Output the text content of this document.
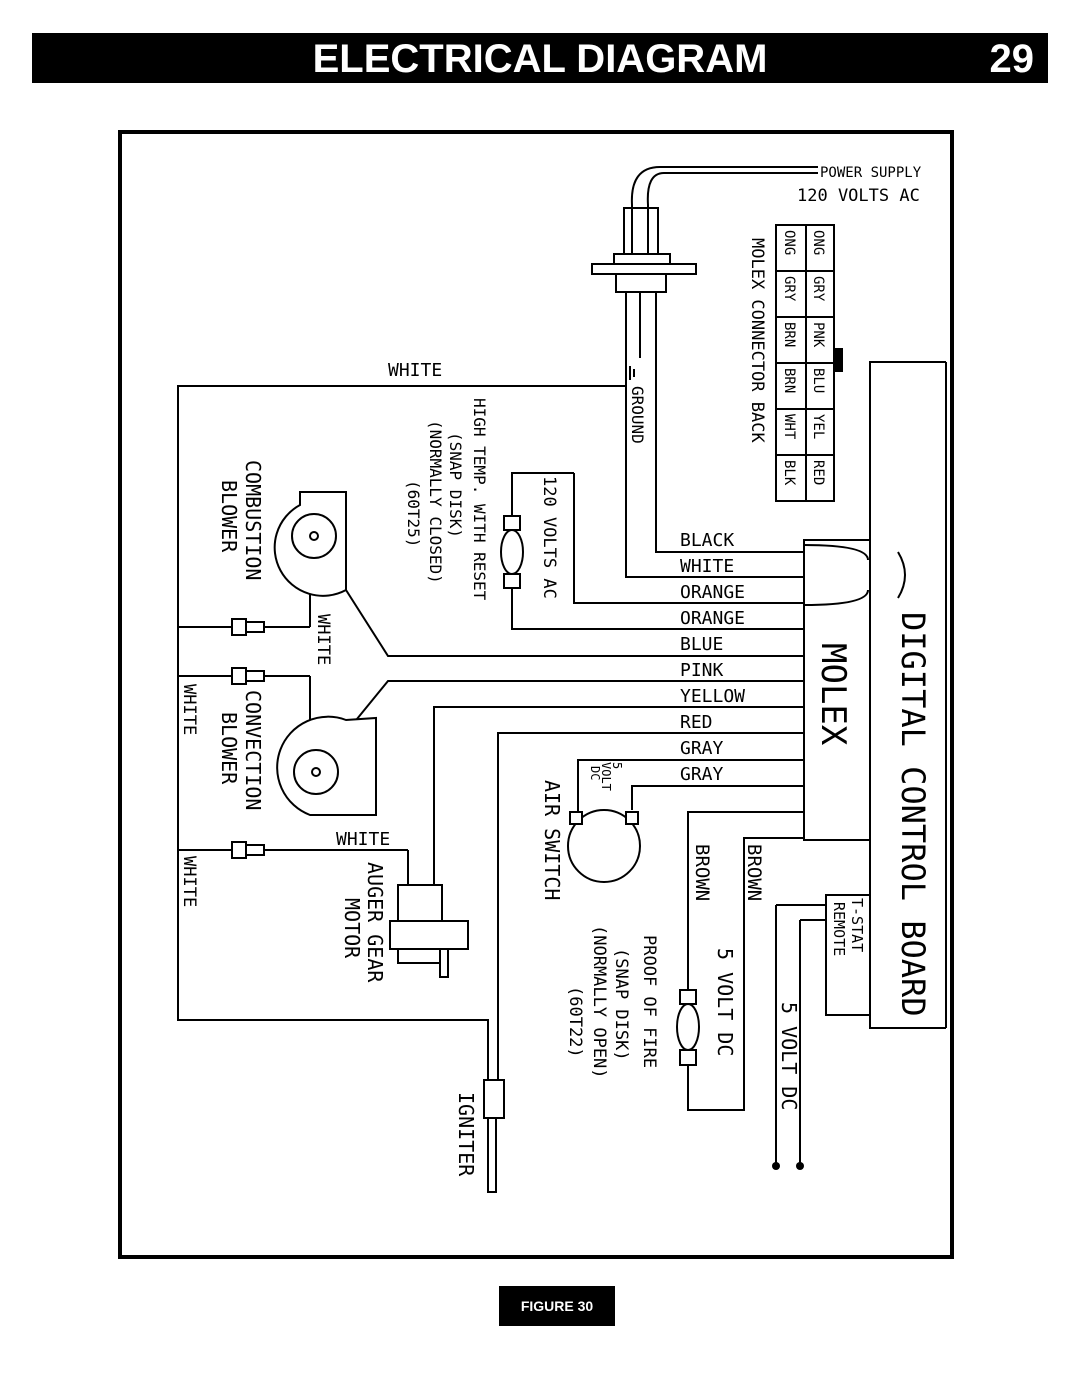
ELECTRICAL DIAGRAM	29
POWER SUPPLY
120 VOLTS AC
GROUND
ONG
GRY
PNK
BLU
YEL
RED
ONG
GRY
BRN
BRN
WHT
BLK
MOLEX CONNECTOR BACK
DIGITAL CONTROL BOARD
MOLEX
BLACK
WHITE
ORANGE
ORANGE
BLUE
PINK
YELLOW
RED
GRAY
GRAY
WHITE
WHITE
WHITE
WHITE
WHITE
COMBUSTION
BLOWER
CONVECTION
BLOWER
HIGH TEMP. WITH RESET
(SNAP DISK)
(NORMALLY CLOSED)
(60T25)	120 VOLTS AC
AUGER GEAR
MOTOR
AIR SWITCH
5
VOLT
DC
BROWN BROWN
5 VOLT DC
PROOF OF FIRE
(SNAP DISK)
(NORMALLY OPEN)
(60T22)
T-STAT
REMOTE
5 VOLT DC
IGNITER
FIGURE 30
